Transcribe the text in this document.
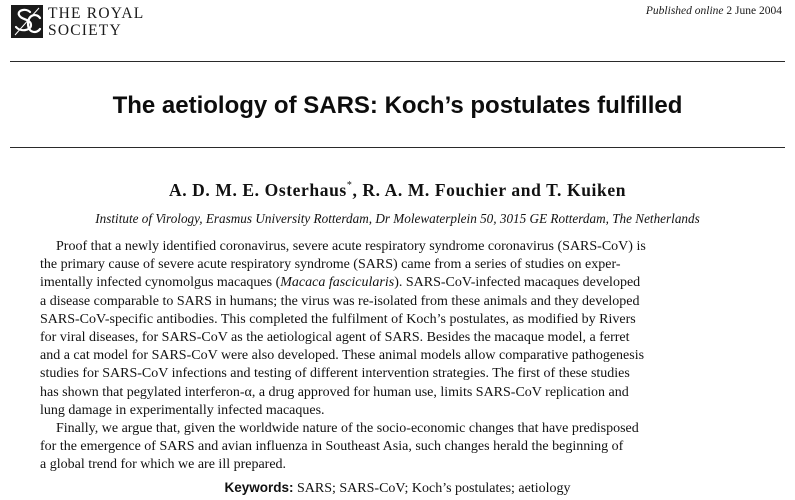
THE ROYAL
SOCIETY
Published online 2 June 2004
The aetiology of SARS: Koch’s postulates fulfilled
A. D. M. E. Osterhaus*, R. A. M. Fouchier and T. Kuiken
Institute of Virology, Erasmus University Rotterdam, Dr Molewaterplein 50, 3015 GE Rotterdam, The Netherlands
Proof that a newly identified coronavirus, severe acute respiratory syndrome coronavirus (SARS-CoV) is
the primary cause of severe acute respiratory syndrome (SARS) came from a series of studies on exper-
imentally infected cynomolgus macaques (Macaca fascicularis). SARS-CoV-infected macaques developed
a disease comparable to SARS in humans; the virus was re-isolated from these animals and they developed
SARS-CoV-specific antibodies. This completed the fulfilment of Koch’s postulates, as modified by Rivers
for viral diseases, for SARS-CoV as the aetiological agent of SARS. Besides the macaque model, a ferret
and a cat model for SARS-CoV were also developed. These animal models allow comparative pathogenesis
studies for SARS-CoV infections and testing of different intervention strategies. The first of these studies
has shown that pegylated interferon-α, a drug approved for human use, limits SARS-CoV replication and
lung damage in experimentally infected macaques.
Finally, we argue that, given the worldwide nature of the socio-economic changes that have predisposed
for the emergence of SARS and avian influenza in Southeast Asia, such changes herald the beginning of
a global trend for which we are ill prepared.
Keywords: SARS; SARS-CoV; Koch’s postulates; aetiology
